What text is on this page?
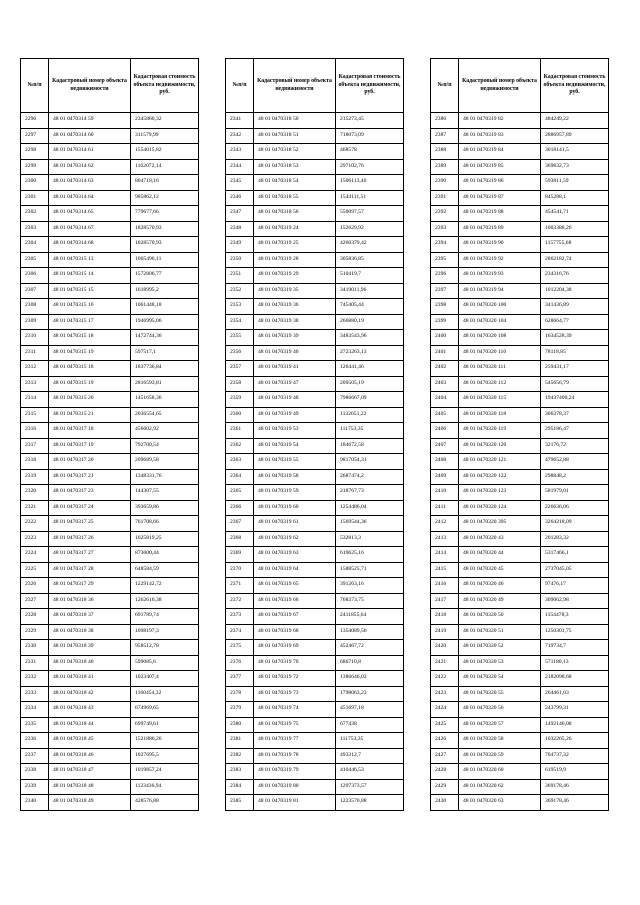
№п/п	Кадастровый номер объекта недвижимости	Кадастровая стоимость объекта недвижимости, руб.
2296	48 01 0470314 59	2345860,32
2297	48 01 0470314 60	311579,99
2298	48 01 0470314 61	1554015,82
2299	48 01 0470314 62	1162072,14
2300	48 01 0470314 63	804718,16
2301	48 01 0470314 64	985862,12
2302	48 01 0470314 65	779677,66
2303	48 01 0470314 67	1828570,93
2304	48 01 0470314 68	1828570,93
2305	48 01 0470315 13	1065496,11
2306	48 01 0470315 14	1572806,77
2307	48 01 0470315 15	1618995,2
2308	48 01 0470315 16	1061448,18
2309	48 01 0470315 17	1946995,06
2310	48 01 0470315 18	1472744,36
2311	48 01 0470315 19	597517,1
2312	48 01 0470315 18	1837736,84
2313	48 01 0470315 19	2816593,81
2314	48 01 0470315 20	1451658,36
2315	48 01 0470315 21	2036554,65
2316	48 01 0470317 18	456602,92
2317	48 01 0470317 19	792700,54
2318	48 01 0470317 20	209689,58
2319	48 01 0470317 21	1348331,76
2320	48 01 0470317 23	144307,55
2321	48 01 0470317 24	393659,86
2322	48 01 0470317 25	761708,66
2323	48 01 0470317 26	1025819,25
2324	48 01 0470317 27	873600,44
2325	48 01 0470317 28	648584,59
2326	48 01 0470317 29	1229142,72
2327	48 01 0470318 36	1262616,38
2328	48 01 0470318 37	691789,74
2329	48 01 0470318 38	1098197,3
2330	48 01 0470318 39	958512,78
2331	48 01 0470318 40	599085,6
2332	48 01 0470318 41	1023407,4
2333	48 01 0470318 42	1160454,32
2334	48 01 0470318 43	674969,65
2335	48 01 0470318 44	699749,61
2336	48 01 0470318 45	1521886,26
2337	48 01 0470318 46	1027695,5
2338	48 01 0470318 47	1019857,24
2339	48 01 0470318 48	1123436,94
2340	48 01 0470318 49	428576,88
№п/п	Кадастровый номер объекта недвижимости	Кадастровая стоимость объекта недвижимости, руб.
2341	48 01 0470318 50	215273,45
2342	48 01 0470318 51	718073,09
2343	48 01 0470318 52	468578
2344	48 01 0470318 53	297102,76
2345	48 01 0470318 54	1506113,46
2346	48 01 0470318 55	1544111,51
2347	48 01 0470318 56	550097,57
2348	48 01 0470319 24	152629,92
2349	48 01 0470319 25	4260379,42
2350	48 01 0470319 28	305836,85
2351	48 01 0470319 29	510419,7
2352	48 01 0470319 35	3419011,96
2353	48 01 0470319 36	745405,44
2354	48 01 0470319 38	266880,19
2355	48 01 0470319 39	3483543,96
2356	48 01 0470319 40	2723263,13
2357	48 01 0470319 41	126441,46
2358	48 01 0470319 47	209505,19
2359	48 01 0470319 48	7986667,09
2360	48 01 0470319 49	1132651,22
2361	48 01 0470319 53	111753,35
2362	48 01 0470319 54	184672,58
2363	48 01 0470319 55	9817054,31
2364	48 01 0470319 58	2687474,2
2365	48 01 0470319 59	218767,73
2366	48 01 0470319 60	1254486,04
2367	48 01 0470319 61	1569544,36
2368	48 01 0470319 62	532813,3
2369	48 01 0470319 63	619625,16
2370	48 01 0470319 64	1588525,71
2371	48 01 0470319 65	391263,16
2372	48 01 0470319 66	768373,75
2373	48 01 0470319 67	2411855,64
2374	48 01 0470319 68	1354089,56
2375	48 01 0470319 69	452467,72
2376	48 01 0470319 70	686710,8
2377	48 01 0470319 72	1386646,03
2378	48 01 0470319 73	1798063,23
2379	48 01 0470319 74	451697,18
2380	48 01 0470319 75	677438
2381	48 01 0470319 77	111753,35
2382	48 01 0470319 78	493312,7
2383	48 01 0470319 79	410446,53
2384	48 01 0470319 80	1297373,57
2385	48 01 0470319 81	1223570,88
№п/п	Кадастровый номер объекта недвижимости	Кадастровая стоимость объекта недвижимости, руб.
2386	48 01 0470319 82	484249,22
2387	48 01 0470319 83	2886957,89
2388	48 01 0470319 84	3018141,5
2389	48 01 0470319 85	369832,73
2390	48 01 0470319 86	593811,59
2391	48 01 0470319 87	845288,1
2392	48 01 0470319 88	454541,71
2393	48 01 0470319 89	1003388,26
2394	48 01 0470319 90	1157755,68
2395	48 01 0470319 92	2862182,74
2396	48 01 0470319 93	234316,76
2397	48 01 0470319 94	1012204,38
2398	48 01 0470320 100	341436,89
2399	48 01 0470320 104	628664,77
2400	48 01 0470320 108	1634528,39
2401	48 01 0470320 110	78118,85
2402	48 01 0470320 111	259431,17
2403	48 01 0470320 112	545656,79
2404	48 01 0470320 115	19437400,24
2405	48 01 0470320 118	306378,37
2406	48 01 0470320 119	295186,47
2407	48 01 0470320 120	32176,72
2408	48 01 0470320 121	479652,88
2409	48 01 0470320 122	298848,2
2410	48 01 0470320 123	581979,01
2411	48 01 0470320 124	226636,06
2412	48 01 0470320 395	3264218,09
2413	48 01 0470320 43	201283,32
2414	48 01 0470320 44	5317466,1
2415	48 01 0470320 45	2737045,05
2416	48 01 0470320 46	97476,17
2417	48 01 0470320 49	309062,98
2418	48 01 0470320 50	1154478,3
2419	48 01 0470320 51	1250301,75
2420	48 01 0470320 52	719734,7
2421	48 01 0470320 53	571180,13
2422	48 01 0470320 54	2182098,68
2423	48 01 0470320 55	264461,03
2424	48 01 0470320 56	243799,31
2425	48 01 0470320 57	1492146,08
2426	48 01 0470320 58	1032265,26
2427	48 01 0470320 59	704737,32
2428	48 01 0470320 60	619519,9
2429	48 01 0470320 62	369178,46
2430	48 01 0470320 63	369178,46
